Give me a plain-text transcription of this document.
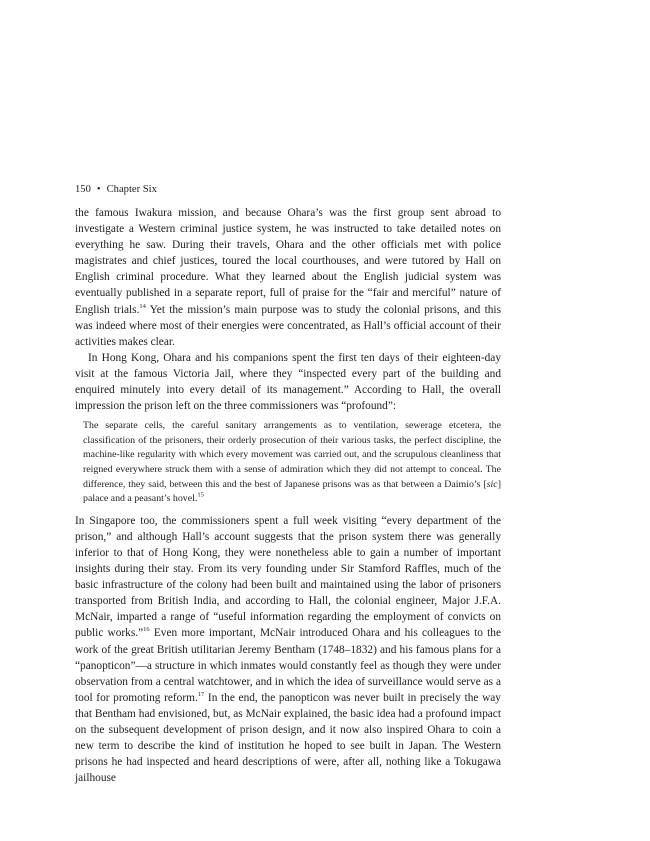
150 • Chapter Six

the famous Iwakura mission, and because Ohara’s was the first group sent abroad to investigate a Western criminal justice system, he was instructed to take detailed notes on everything he saw. During their travels, Ohara and the other officials met with police magistrates and chief justices, toured the local courthouses, and were tutored by Hall on English criminal procedure. What they learned about the English judicial system was eventually published in a separate report, full of praise for the “fair and merciful” nature of English trials.$^{14}$ Yet the mission’s main purpose was to study the colonial prisons, and this was indeed where most of their energies were concentrated, as Hall’s official account of their activities makes clear.

In Hong Kong, Ohara and his companions spent the first ten days of their eighteen-day visit at the famous Victoria Jail, where they “inspected every part of the building and enquired minutely into every detail of its management.” According to Hall, the overall impression the prison left on the three commissioners was “profound”:

The separate cells, the careful sanitary arrangements as to ventilation, sewerage etcetera, the classification of the prisoners, their orderly prosecution of their various tasks, the perfect discipline, the machine-like regularity with which every movement was carried out, and the scrupulous cleanliness that reigned everywhere struck them with a sense of admiration which they did not attempt to conceal. The difference, they said, between this and the best of Japanese prisons was as that between a Daimio’s [sic] palace and a peasant’s hovel.$^{15}$

In Singapore too, the commissioners spent a full week visiting “every department of the prison,” and although Hall’s account suggests that the prison system there was generally inferior to that of Hong Kong, they were nonetheless able to gain a number of important insights during their stay. From its very founding under Sir Stamford Raffles, much of the basic infrastructure of the colony had been built and maintained using the labor of prisoners transported from British India, and according to Hall, the colonial engineer, Major J.F.A. McNair, imparted a range of “useful information regarding the employment of convicts on public works.”$^{16}$ Even more important, McNair introduced Ohara and his colleagues to the work of the great British utilitarian Jeremy Bentham (1748–1832) and his famous plans for a “panopticon”—a structure in which inmates would constantly feel as though they were under observation from a central watchtower, and in which the idea of surveillance would serve as a tool for promoting reform.$^{17}$ In the end, the panopticon was never built in precisely the way that Bentham had envisioned, but, as McNair explained, the basic idea had a profound impact on the subsequent development of prison design, and it now also inspired Ohara to coin a new term to describe the kind of institution he hoped to see built in Japan. The Western prisons he had inspected and heard descriptions of were, after all, nothing like a Tokugawa jailhouse
